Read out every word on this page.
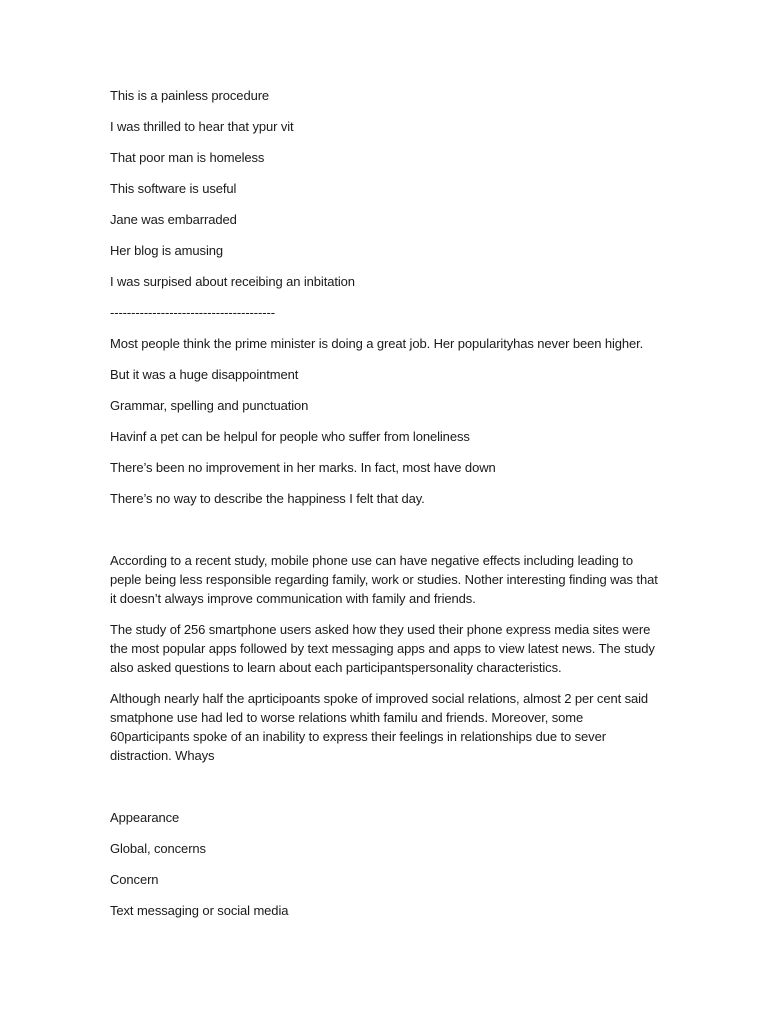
This is a painless procedure

I was thrilled to hear that ypur vit

That poor man is homeless

This software is useful

Jane was embarraded

Her blog is amusing

I was surpised about receibing an inbitation

---------------------------------------

Most people think the prime minister is doing a great job. Her popularityhas never been higher.

But it was a huge disappointment

Grammar, spelling and punctuation

Havinf a pet can be helpul for people who suffer from loneliness

There’s been no improvement in her marks. In fact, most have down

There’s no way to describe the happiness I felt that day.

According to a recent study, mobile phone use can have negative effects including leading to peple being less responsible regarding family, work or studies. Nother interesting finding was that it doesn’t always improve communication with family and friends.

The study of 256 smartphone users asked how they used their phone express media sites were the most popular apps followed by text messaging apps and apps to view latest news. The study also asked questions to learn about each participantspersonality characteristics.

Although nearly half the aprticipoants spoke of improved social relations, almost 2 per cent said smatphone use had led to worse relations whith familu and friends. Moreover, some 60participants spoke of an inability to express their feelings in relationships due to sever distraction. Whays

Appearance

Global, concerns

Concern

Text messaging or social media
